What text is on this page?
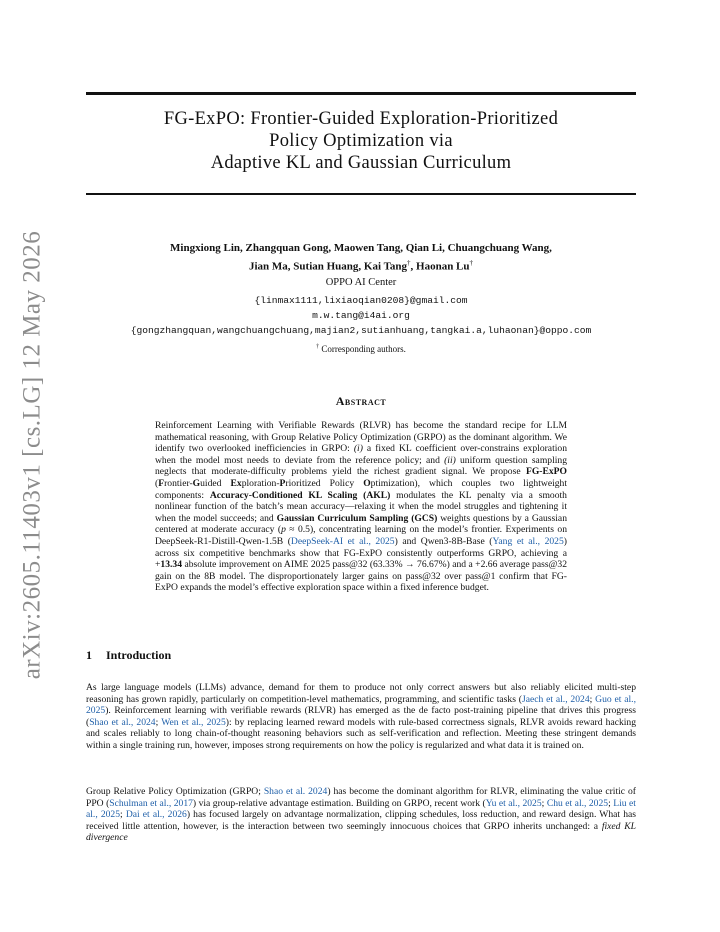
arXiv:2605.11403v1 [cs.LG] 12 May 2026
FG-ExPO: Frontier-Guided Exploration-Prioritized
Policy Optimization via
Adaptive KL and Gaussian Curriculum
Mingxiong Lin, Zhangquan Gong, Maowen Tang, Qian Li, Chuangchuang Wang,
Jian Ma, Sutian Huang, Kai Tang†, Haonan Lu†
OPPO AI Center
{linmax1111,lixiaoqian0208}@gmail.com
m.w.tang@i4ai.org
{gongzhangquan,wangchuangchuang,majian2,sutianhuang,tangkai.a,luhaonan}@oppo.com
† Corresponding authors.
Abstract
Reinforcement Learning with Verifiable Rewards (RLVR) has become the standard recipe for LLM mathematical reasoning, with Group Relative Policy Optimization (GRPO) as the dominant algorithm. We identify two overlooked inefficiencies in GRPO: (i) a fixed KL coefficient over-constrains exploration when the model most needs to deviate from the reference policy; and (ii) uniform question sampling neglects that moderate-difficulty problems yield the richest gradient signal. We propose FG-ExPO (Frontier-Guided Exploration-Prioritized Policy Optimization), which couples two lightweight components: Accuracy-Conditioned KL Scaling (AKL) modulates the KL penalty via a smooth nonlinear function of the batch’s mean accuracy—relaxing it when the model struggles and tightening it when the model succeeds; and Gaussian Curriculum Sampling (GCS) weights questions by a Gaussian centered at moderate accuracy (p ≈ 0.5), concentrating learning on the model’s frontier. Experiments on DeepSeek-R1-Distill-Qwen-1.5B (DeepSeek-AI et al., 2025) and Qwen3-8B-Base (Yang et al., 2025) across six competitive benchmarks show that FG-ExPO consistently outperforms GRPO, achieving a +13.34 absolute improvement on AIME 2025 pass@32 (63.33% → 76.67%) and a +2.66 average pass@32 gain on the 8B model. The disproportionately larger gains on pass@32 over pass@1 confirm that FG-ExPO expands the model’s effective exploration space within a fixed inference budget.
1 Introduction
As large language models (LLMs) advance, demand for them to produce not only correct answers but also reliably elicited multi-step reasoning has grown rapidly, particularly on competition-level mathematics, programming, and scientific tasks (Jaech et al., 2024; Guo et al., 2025). Reinforcement learning with verifiable rewards (RLVR) has emerged as the de facto post-training pipeline that drives this progress (Shao et al., 2024; Wen et al., 2025): by replacing learned reward models with rule-based correctness signals, RLVR avoids reward hacking and scales reliably to long chain-of-thought reasoning behaviors such as self-verification and reflection. Meeting these stringent demands within a single training run, however, imposes strong requirements on how the policy is regularized and what data it is trained on.
Group Relative Policy Optimization (GRPO; Shao et al. 2024) has become the dominant algorithm for RLVR, eliminating the value critic of PPO (Schulman et al., 2017) via group-relative advantage estimation. Building on GRPO, recent work (Yu et al., 2025; Chu et al., 2025; Liu et al., 2025; Dai et al., 2026) has focused largely on advantage normalization, clipping schedules, loss reduction, and reward design. What has received little attention, however, is the interaction between two seemingly innocuous choices that GRPO inherits unchanged: a fixed KL divergence
